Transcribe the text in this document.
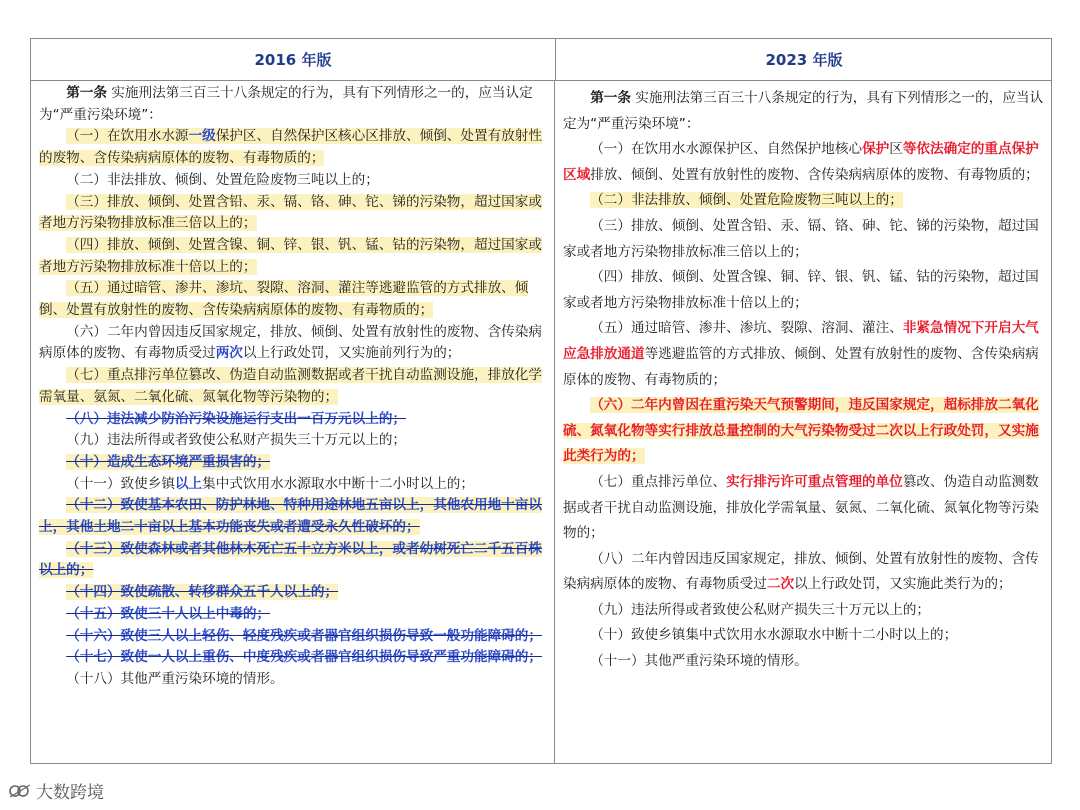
2016 年版	2023 年版

第一条 实施刑法第三百三十八条规定的行为，具有下列情形之一的，应当认定为“严重污染环境”：

（一）在饮用水水源一级保护区、自然保护区核心区排放、倾倒、处置有放射性的废物、含传染病病原体的废物、有毒物质的；

（二）非法排放、倾倒、处置危险废物三吨以上的；

（三）排放、倾倒、处置含铅、汞、镉、铬、砷、铊、锑的污染物，超过国家或者地方污染物排放标准三倍以上的；

（四）排放、倾倒、处置含镍、铜、锌、银、钒、锰、钴的污染物，超过国家或者地方污染物排放标准十倍以上的；

（五）通过暗管、渗井、渗坑、裂隙、溶洞、灌注等逃避监管的方式排放、倾倒、处置有放射性的废物、含传染病病原体的废物、有毒物质的；

（六）二年内曾因违反国家规定，排放、倾倒、处置有放射性的废物、含传染病病原体的废物、有毒物质受过两次以上行政处罚，又实施前列行为的；

（七）重点排污单位篡改、伪造自动监测数据或者干扰自动监测设施，排放化学需氧量、氨氮、二氧化硫、氮氧化物等污染物的；

（八）违法减少防治污染设施运行支出一百万元以上的；

（九）违法所得或者致使公私财产损失三十万元以上的；

（十）造成生态环境严重损害的；

（十一）致使乡镇以上集中式饮用水水源取水中断十二小时以上的；

（十二）致使基本农田、防护林地、特种用途林地五亩以上，其他农用地十亩以上，其他土地二十亩以上基本功能丧失或者遭受永久性破坏的；

（十三）致使森林或者其他林木死亡五十立方米以上，或者幼树死亡二千五百株以上的；

（十四）致使疏散、转移群众五千人以上的；

（十五）致使三十人以上中毒的；

（十六）致使三人以上轻伤、轻度残疾或者器官组织损伤导致一般功能障碍的；

（十七）致使一人以上重伤、中度残疾或者器官组织损伤导致严重功能障碍的；

（十八）其他严重污染环境的情形。

第一条 实施刑法第三百三十八条规定的行为，具有下列情形之一的，应当认定为“严重污染环境”：

（一）在饮用水水源保护区、自然保护地核心保护区等依法确定的重点保护区域排放、倾倒、处置有放射性的废物、含传染病病原体的废物、有毒物质的；

（二）非法排放、倾倒、处置危险废物三吨以上的；

（三）排放、倾倒、处置含铅、汞、镉、铬、砷、铊、锑的污染物，超过国家或者地方污染物排放标准三倍以上的；

（四）排放、倾倒、处置含镍、铜、锌、银、钒、锰、钴的污染物，超过国家或者地方污染物排放标准十倍以上的；

（五）通过暗管、渗井、渗坑、裂隙、溶洞、灌注、非紧急情况下开启大气应急排放通道等逃避监管的方式排放、倾倒、处置有放射性的废物、含传染病病原体的废物、有毒物质的；

（六）二年内曾因在重污染天气预警期间，违反国家规定，超标排放二氧化硫、氮氧化物等实行排放总量控制的大气污染物受过二次以上行政处罚，又实施此类行为的；

（七）重点排污单位、实行排污许可重点管理的单位篡改、伪造自动监测数据或者干扰自动监测设施，排放化学需氧量、氨氮、二氧化硫、氮氧化物等污染物的；

（八）二年内曾因违反国家规定，排放、倾倒、处置有放射性的废物、含传染病病原体的废物、有毒物质受过二次以上行政处罚，又实施此类行为的；

（九）违法所得或者致使公私财产损失三十万元以上的；

（十）致使乡镇集中式饮用水水源取水中断十二小时以上的；

（十一）其他严重污染环境的情形。

大数跨境
